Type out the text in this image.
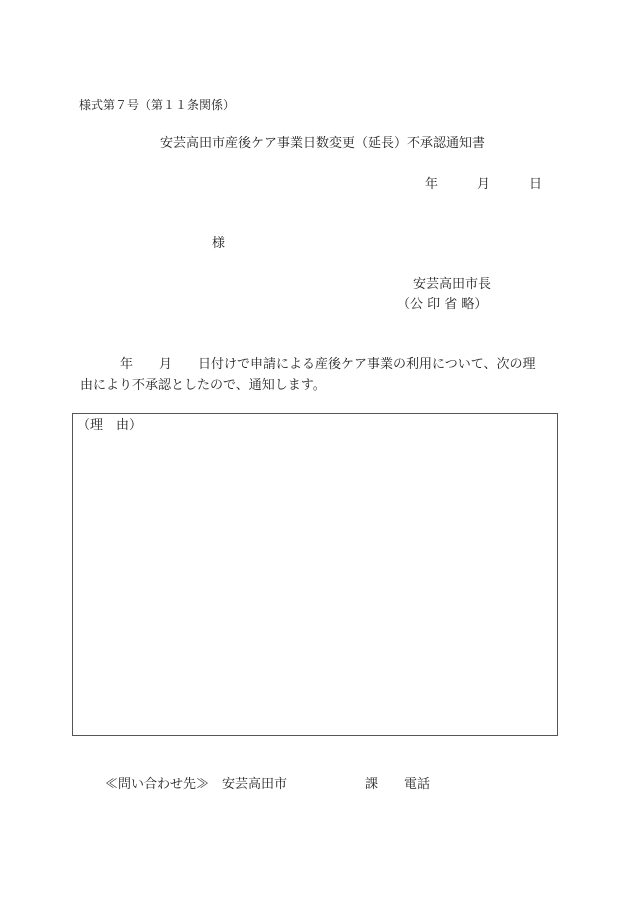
様式第７号（第１１条関係）
安芸高田市産後ケア事業日数変更（延長）不承認通知書
年　　　月　　　日
様
安芸高田市長
（公 印 省 略）
年　　月　　日付けで申請による産後ケア事業の利用について、次の理
由により不承認としたので、通知します。
（理　由）
≪問い合わせ先≫　安芸高田市　　　　　　課　　電話
